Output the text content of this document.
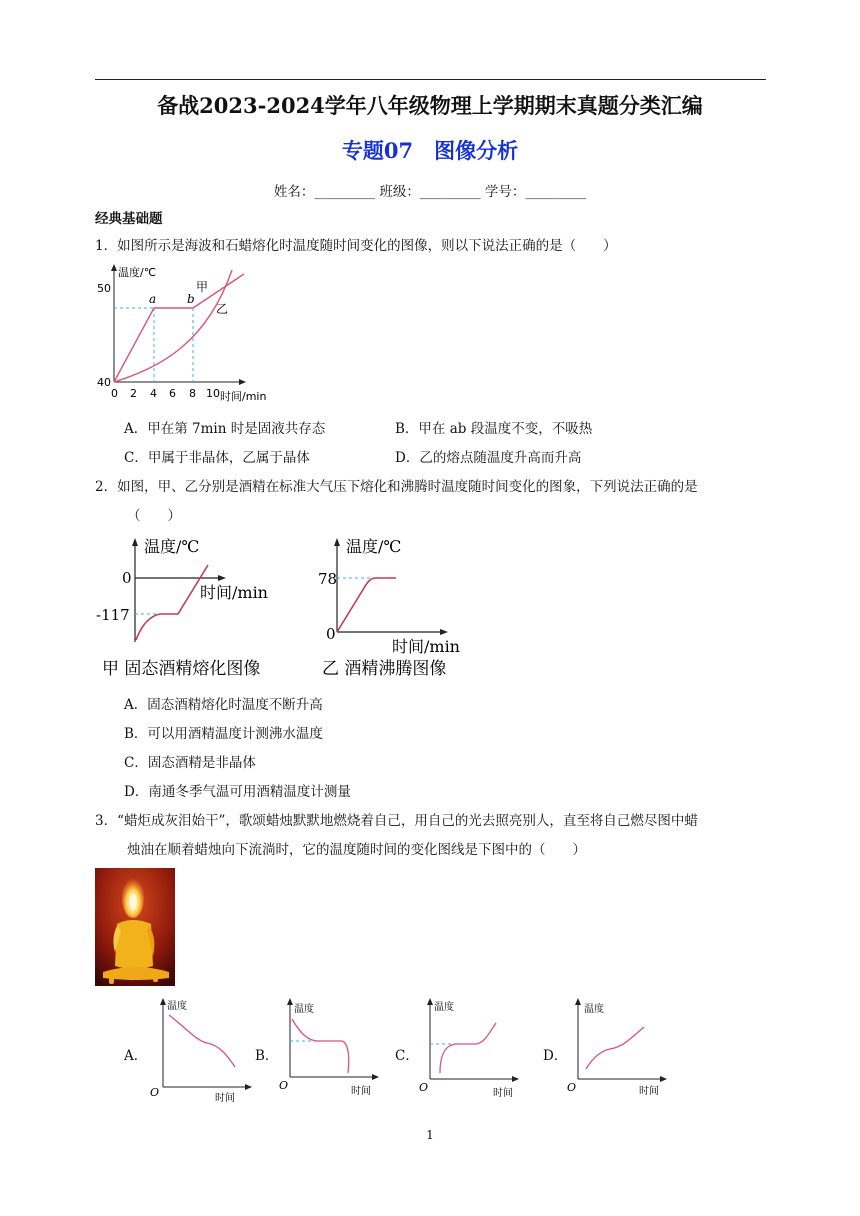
备战2023-2024学年八年级物理上学期期末真题分类汇编
专题07　图像分析
姓名：_________ 班级：_________ 学号：_________
经典基础题
1．如图所示是海波和石蜡熔化时温度随时间变化的图像，则以下说法正确的是（　　）
温度/℃
时间/min
50
40
0 2 4 6 8 10
a	b
甲
乙
A．甲在第 7min 时是固液共存态	B．甲在 ab 段温度不变，不吸热
C．甲属于非晶体，乙属于晶体	D．乙的熔点随温度升高而升高
2．如图，甲、乙分别是酒精在标准大气压下熔化和沸腾时温度随时间变化的图象，下列说法正确的是
（　　）
温度/℃
时间/min
0
-117
甲 固态酒精熔化图像
温度/℃
时间/min
78
0
乙 酒精沸腾图像
A．固态酒精熔化时温度不断升高
B．可以用酒精温度计测沸水温度
C．固态酒精是非晶体
D．南通冬季气温可用酒精温度计测量
3．“蜡炬成灰泪始干”，歌颂蜡烛默默地燃烧着自己，用自己的光去照亮别人，直至将自己燃尽图中蜡
烛油在顺着蜡烛向下流淌时，它的温度随时间的变化图线是下图中的（　　）
A．
温度
时间
O
B．
温度
时间
O
C．
温度
时间
O
D．
温度
时间
O
1
